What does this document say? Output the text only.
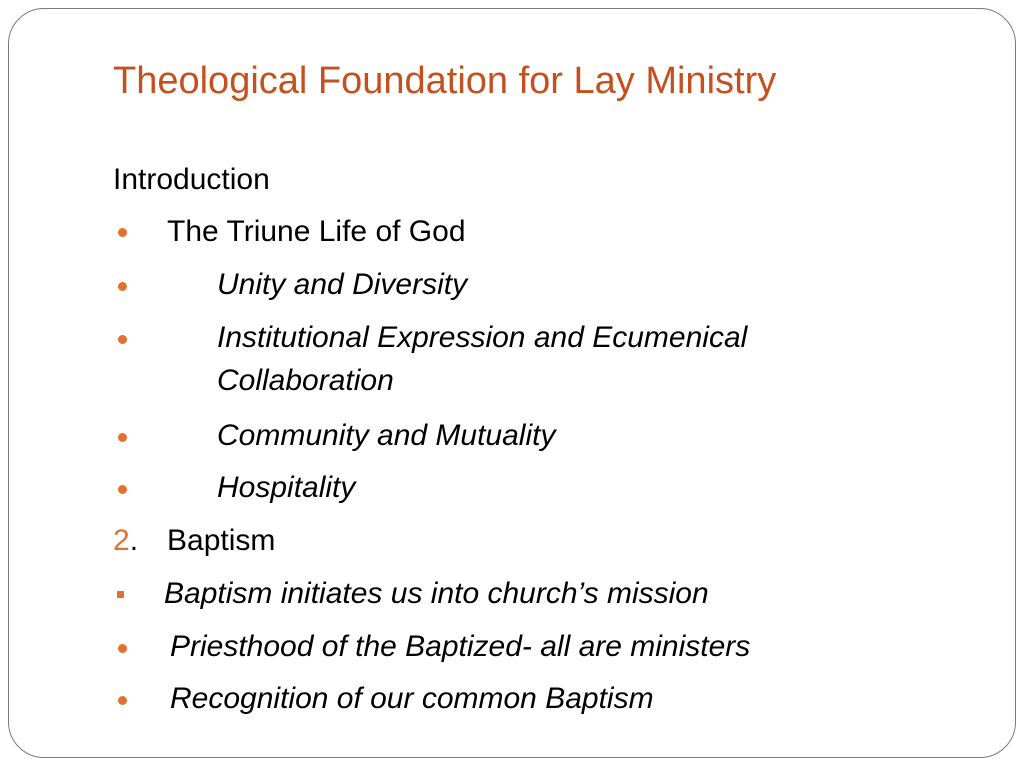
Theological Foundation for Lay Ministry
Introduction
The Triune Life of God
Unity and Diversity
Institutional Expression and Ecumenical
Collaboration
Community and Mutuality
Hospitality
2. Baptism
Baptism initiates us into church’s mission
Priesthood of the Baptized- all are ministers
Recognition of our common Baptism
